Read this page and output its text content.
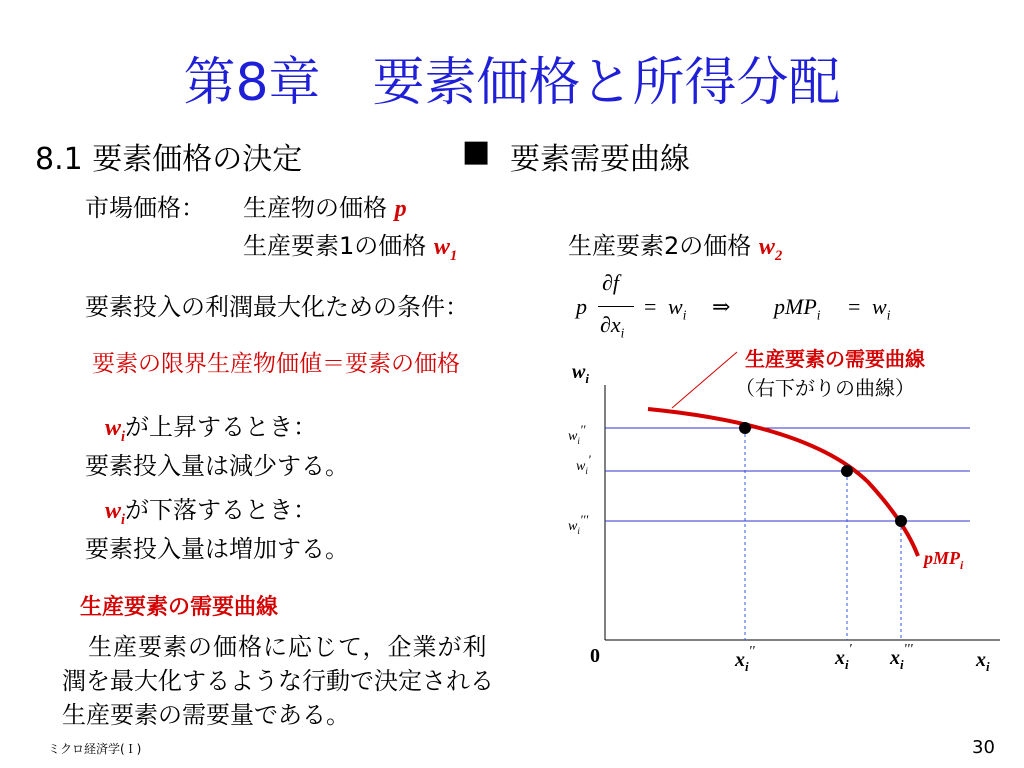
第8章　要素価格と所得分配
8.1 要素価格の決定	■ 要素需要曲線
市場価格： 生産物の価格 p
生産要素1の価格 $w_1$	生産要素2の価格 $w_2$
要素投入の利潤最大化ための条件：	p
∂f
$\partial x_i$
= $w_i$ ⇒ $pMP_i = w_i$
要素の限界生産物価値＝要素の価格
$w_i$が上昇するとき：
要素投入量は減少する。
$w_i$が下落するとき：
要素投入量は増加する。
生産要素の需要曲線
生産要素の価格に応じて，企業が利
潤を最大化するような行動で決定される
生産要素の需要量である。
生産要素の需要曲線
（右下がりの曲線）
$w_i$
0	$x_i$
$w_i''$
$w_i'$
$w_i'''$
$x_i''$	$x_i'$ $x_i'''$
pMP$_i$
ミクロ経済学(Ｉ)	30
